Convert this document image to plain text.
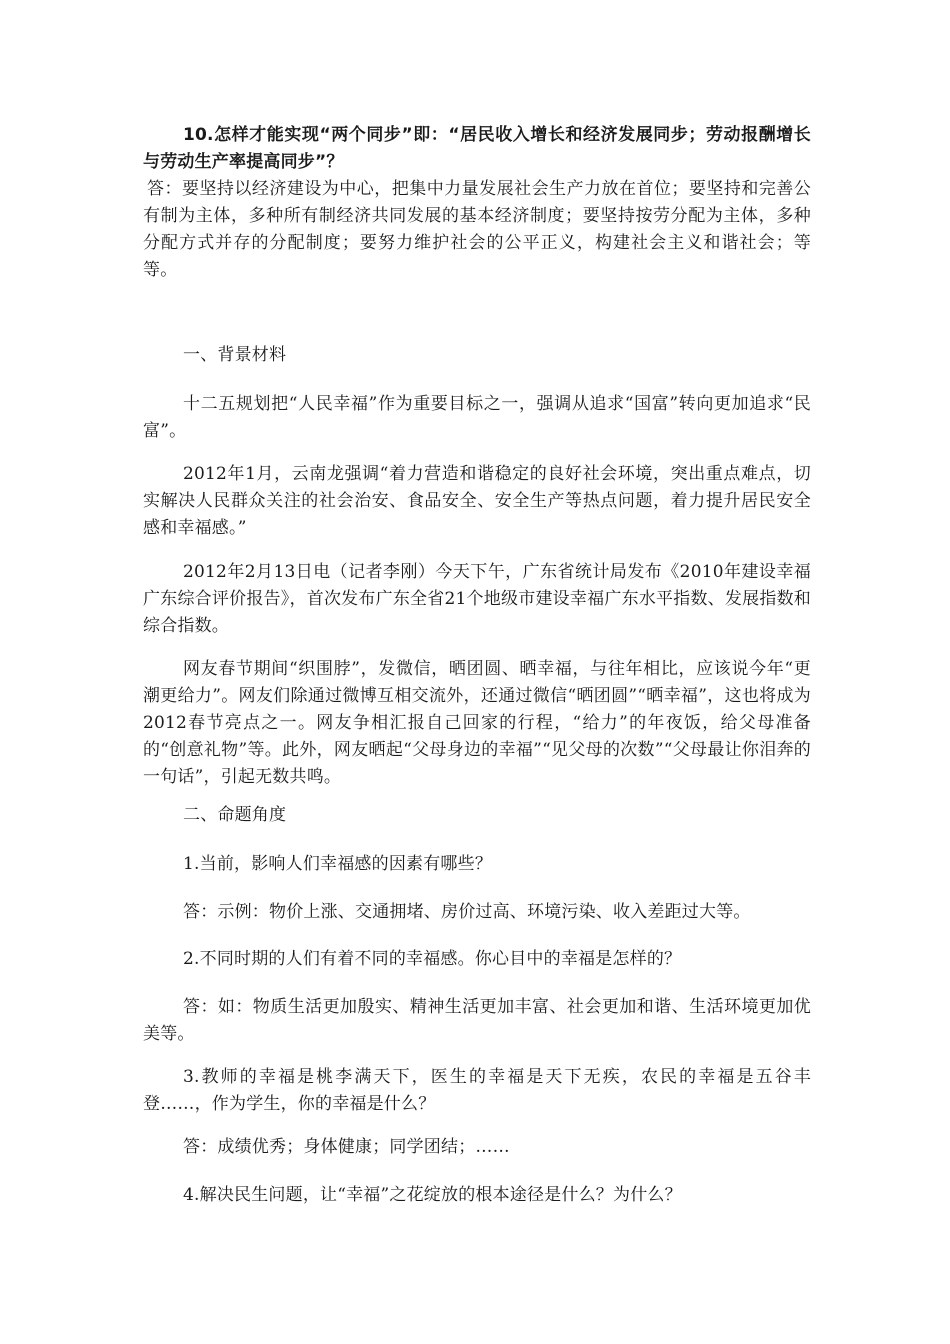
10.怎样才能实现“两个同步”即：“居民收入增长和经济发展同步；劳动报酬增长与劳动生产率提高同步”？

答：要坚持以经济建设为中心，把集中力量发展社会生产力放在首位；要坚持和完善公有制为主体，多种所有制经济共同发展的基本经济制度；要坚持按劳分配为主体，多种分配方式并存的分配制度；要努力维护社会的公平正义，构建社会主义和谐社会；等等。

一、背景材料

十二五规划把“人民幸福”作为重要目标之一，强调从追求“国富”转向更加追求“民富”。

2012年1月，云南龙强调“着力营造和谐稳定的良好社会环境，突出重点难点，切实解决人民群众关注的社会治安、食品安全、安全生产等热点问题，着力提升居民安全感和幸福感。”

2012年2月13日电（记者李刚）今天下午，广东省统计局发布《2010年建设幸福广东综合评价报告》，首次发布广东全省21个地级市建设幸福广东水平指数、发展指数和综合指数。

网友春节期间“织围脖”，发微信，晒团圆、晒幸福，与往年相比，应该说今年“更潮更给力”。网友们除通过微博互相交流外，还通过微信“晒团圆”“晒幸福”，这也将成为2012春节亮点之一。网友争相汇报自己回家的行程，“给力”的年夜饭，给父母准备的“创意礼物”等。此外，网友晒起“父母身边的幸福”“见父母的次数”“父母最让你泪奔的一句话”，引起无数共鸣。

二、命题角度

1.当前，影响人们幸福感的因素有哪些？

答：示例：物价上涨、交通拥堵、房价过高、环境污染、收入差距过大等。

2.不同时期的人们有着不同的幸福感。你心目中的幸福是怎样的？

答：如：物质生活更加殷实、精神生活更加丰富、社会更加和谐、生活环境更加优美等。

3.教师的幸福是桃李满天下，医生的幸福是天下无疾，农民的幸福是五谷丰登……，作为学生，你的幸福是什么？

答：成绩优秀；身体健康；同学团结；……

4.解决民生问题，让“幸福”之花绽放的根本途径是什么？为什么？
